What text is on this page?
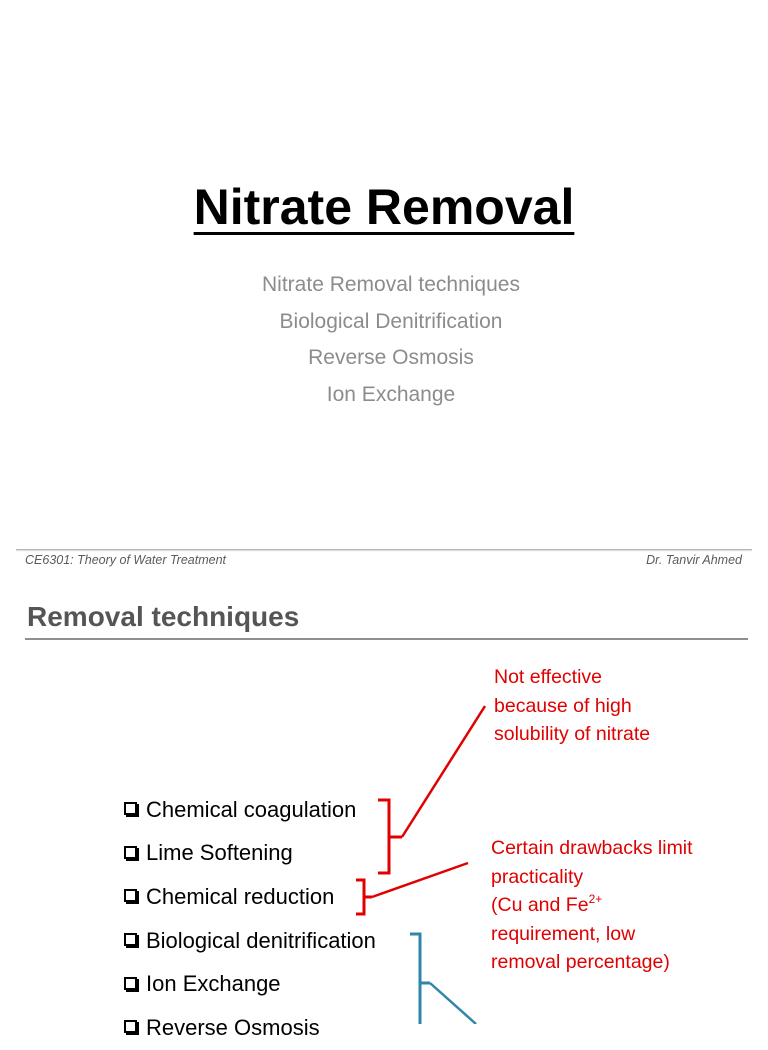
Nitrate Removal
Nitrate Removal techniques
Biological Denitrification
Reverse Osmosis
Ion Exchange
CE6301: Theory of Water Treatment	Dr. Tanvir Ahmed
Removal techniques
Chemical coagulation
Lime Softening
Chemical reduction
Biological denitrification
Ion Exchange
Reverse Osmosis
Not effective
because of high
solubility of nitrate
Certain drawbacks limit
practicality
(Cu and $Fe^{2+}$
requirement, low
removal percentage)
